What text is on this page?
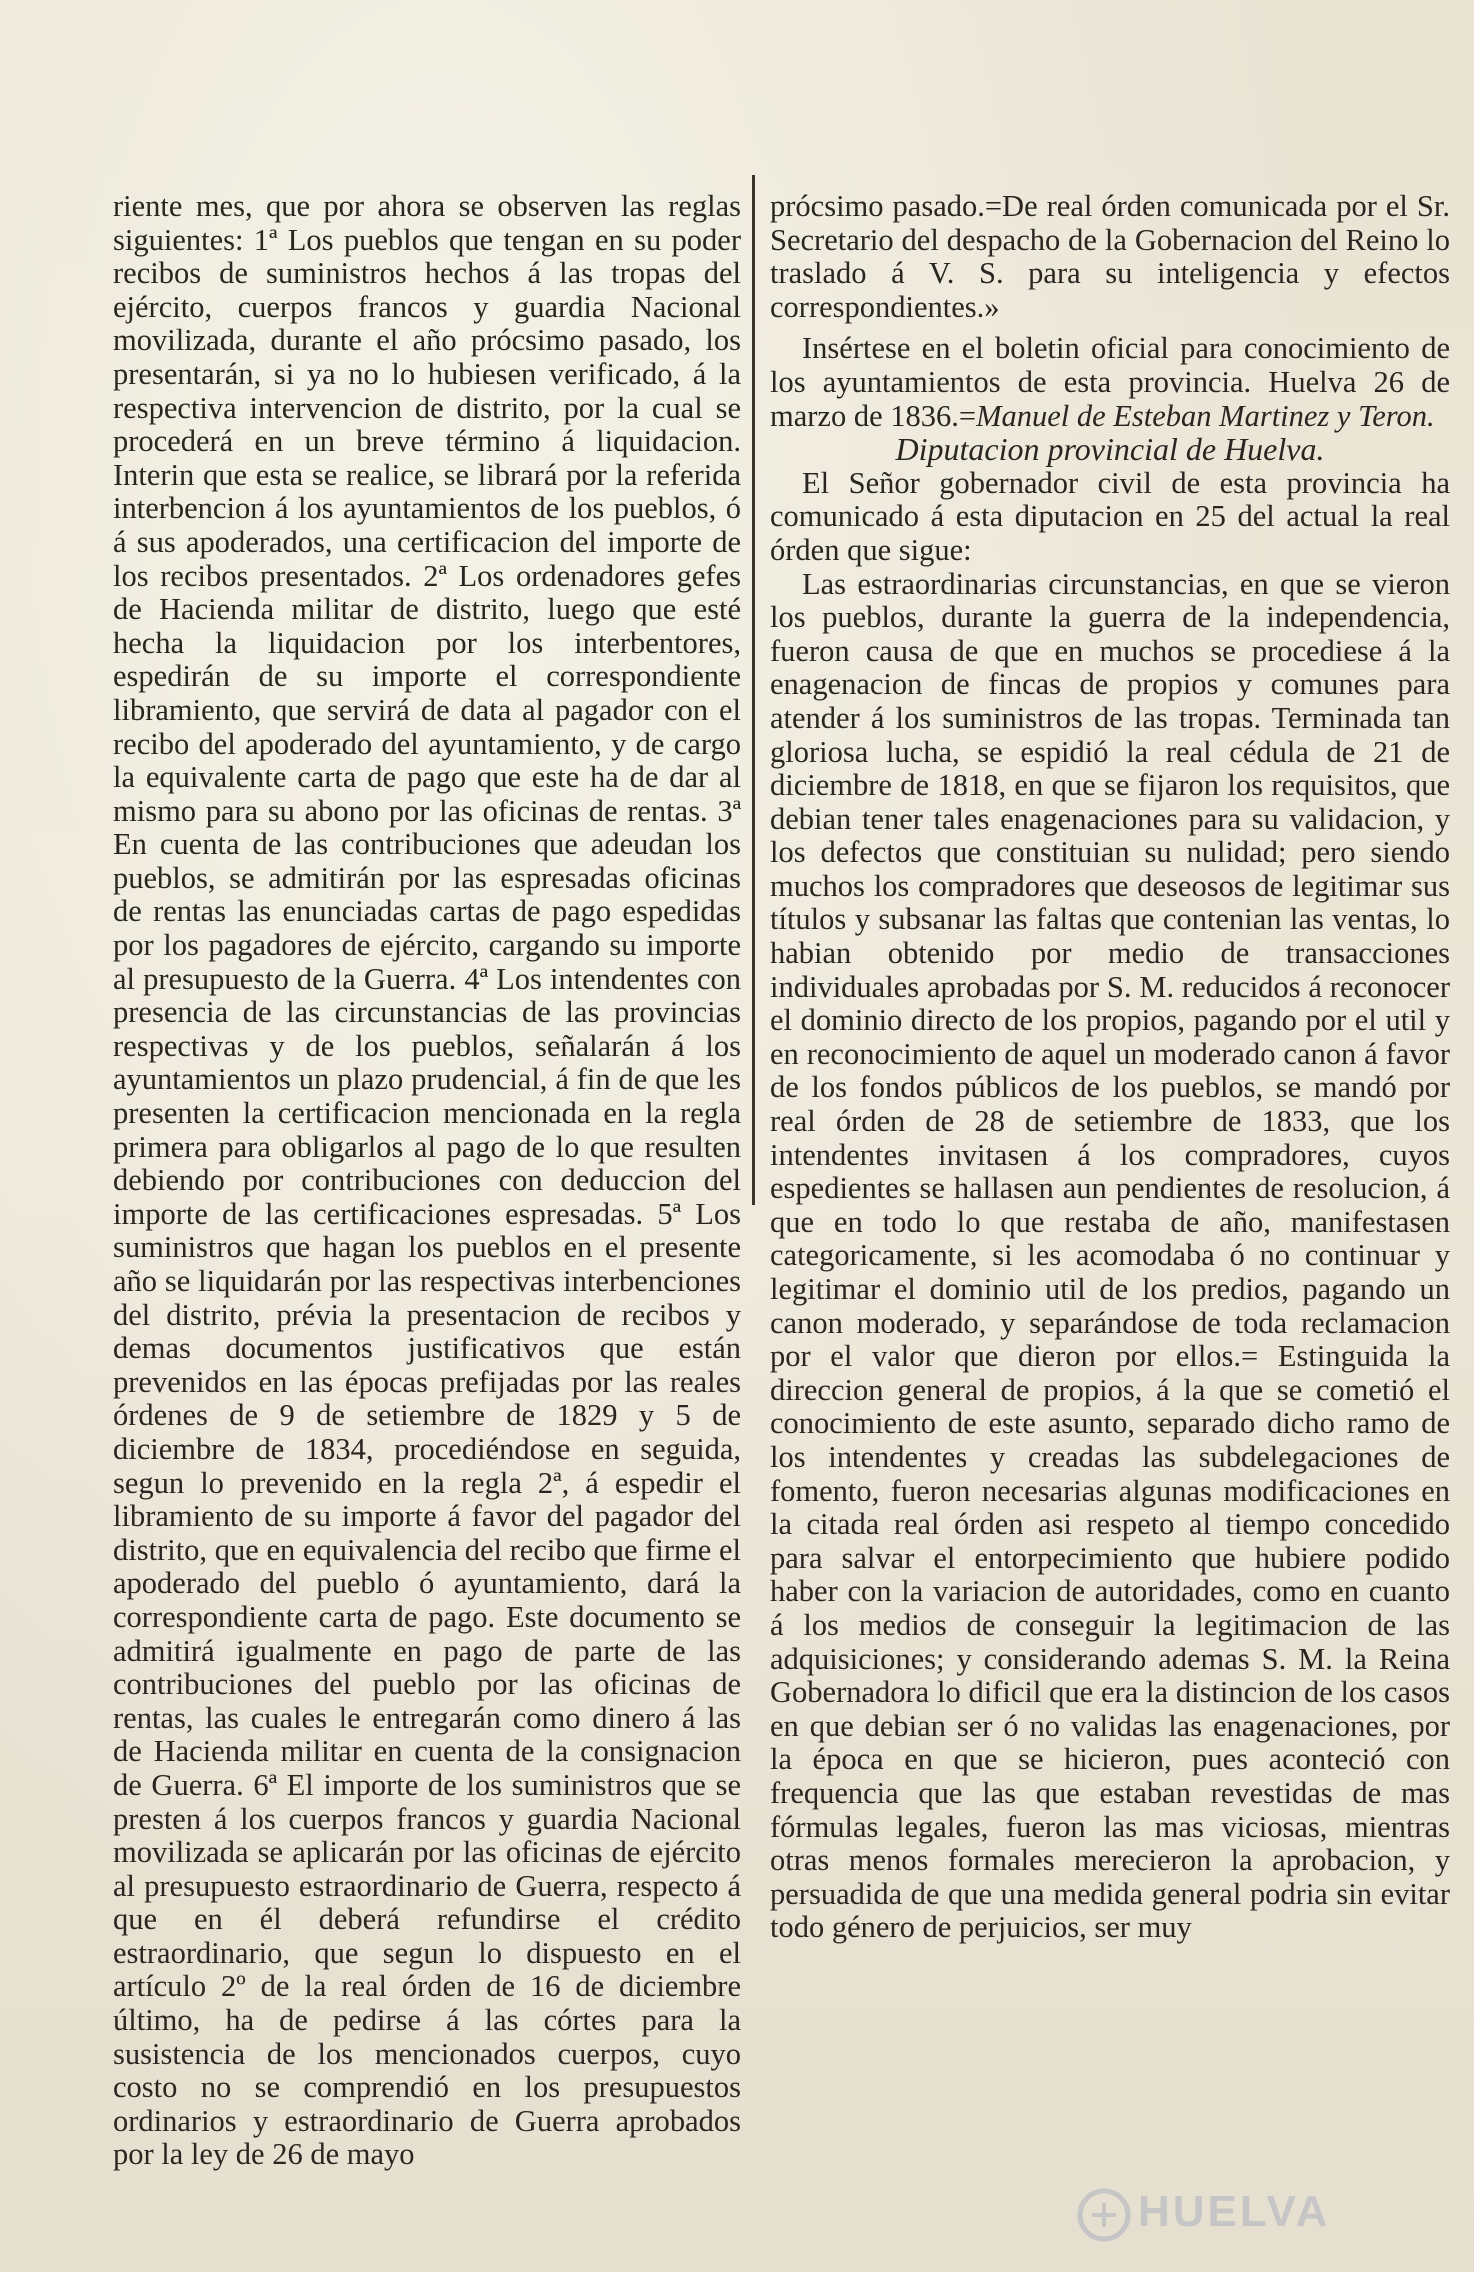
riente mes, que por ahora se observen las reglas siguientes: 1ª Los pueblos que tengan en su poder recibos de suministros hechos á las tropas del ejército, cuerpos francos y guardia Nacional movilizada, durante el año prócsimo pasado, los presentarán, si ya no lo hubiesen verificado, á la respectiva intervencion de distrito, por la cual se procederá en un breve término á liquidacion. Interin que esta se realice, se librará por la referida interbencion á los ayuntamientos de los pueblos, ó á sus apoderados, una certificacion del importe de los recibos presentados. 2ª Los ordenadores gefes de Hacienda militar de distrito, luego que esté hecha la liquidacion por los interbentores, espedirán de su importe el correspondiente libramiento, que servirá de data al pagador con el recibo del apoderado del ayuntamiento, y de cargo la equivalente carta de pago que este ha de dar al mismo para su abono por las oficinas de rentas. 3ª En cuenta de las contribuciones que adeudan los pueblos, se admitirán por las espresadas oficinas de rentas las enunciadas cartas de pago espedidas por los pagadores de ejército, cargando su importe al presupuesto de la Guerra. 4ª Los intendentes con presencia de las circunstancias de las provincias respectivas y de los pueblos, señalarán á los ayuntamientos un plazo prudencial, á fin de que les presenten la certificacion mencionada en la regla primera para obligarlos al pago de lo que resulten debiendo por contribuciones con deduccion del importe de las certificaciones espresadas. 5ª Los suministros que hagan los pueblos en el presente año se liquidarán por las respectivas interbenciones del distrito, prévia la presentacion de recibos y demas documentos justificativos que están prevenidos en las épocas prefijadas por las reales órdenes de 9 de setiembre de 1829 y 5 de diciembre de 1834, procediéndose en seguida, segun lo prevenido en la regla 2ª, á espedir el libramiento de su importe á favor del pagador del distrito, que en equivalencia del recibo que firme el apoderado del pueblo ó ayuntamiento, dará la correspondiente carta de pago. Este documento se admitirá igualmente en pago de parte de las contribuciones del pueblo por las oficinas de rentas, las cuales le entregarán como dinero á las de Hacienda militar en cuenta de la consignacion de Guerra. 6ª El importe de los suministros que se presten á los cuerpos francos y guardia Nacional movilizada se aplicarán por las oficinas de ejército al presupuesto estraordinario de Guerra, respecto á que en él deberá refundirse el crédito estraordinario, que segun lo dispuesto en el artículo 2º de la real órden de 16 de diciembre último, ha de pedirse á las córtes para la susistencia de los mencionados cuerpos, cuyo costo no se comprendió en los presupuestos ordinarios y estraordinario de Guerra aprobados por la ley de 26 de mayo

prócsimo pasado.=De real órden comunicada por el Sr. Secretario del despacho de la Gobernacion del Reino lo traslado á V. S. para su inteligencia y efectos correspondientes.»

Insértese en el boletin oficial para conocimiento de los ayuntamientos de esta provincia. Huelva 26 de marzo de 1836.=Manuel de Esteban Martinez y Teron.

Diputacion provincial de Huelva.

El Señor gobernador civil de esta provincia ha comunicado á esta diputacion en 25 del actual la real órden que sigue:

Las estraordinarias circunstancias, en que se vieron los pueblos, durante la guerra de la independencia, fueron causa de que en muchos se procediese á la enagenacion de fincas de propios y comunes para atender á los suministros de las tropas. Terminada tan gloriosa lucha, se espidió la real cédula de 21 de diciembre de 1818, en que se fijaron los requisitos, que debian tener tales enagenaciones para su validacion, y los defectos que constituian su nulidad; pero siendo muchos los compradores que deseosos de legitimar sus títulos y subsanar las faltas que contenian las ventas, lo habian obtenido por medio de transacciones individuales aprobadas por S. M. reducidos á reconocer el dominio directo de los propios, pagando por el util y en reconocimiento de aquel un moderado canon á favor de los fondos públicos de los pueblos, se mandó por real órden de 28 de setiembre de 1833, que los intendentes invitasen á los compradores, cuyos espedientes se hallasen aun pendientes de resolucion, á que en todo lo que restaba de año, manifestasen categoricamente, si les acomodaba ó no continuar y legitimar el dominio util de los predios, pagando un canon moderado, y separándose de toda reclamacion por el valor que dieron por ellos.= Estinguida la direccion general de propios, á la que se cometió el conocimiento de este asunto, separado dicho ramo de los intendentes y creadas las subdelegaciones de fomento, fueron necesarias algunas modificaciones en la citada real órden asi respeto al tiempo concedido para salvar el entorpecimiento que hubiere podido haber con la variacion de autoridades, como en cuanto á los medios de conseguir la legitimacion de las adquisiciones; y considerando ademas S. M. la Reina Gobernadora lo dificil que era la distincion de los casos en que debian ser ó no validas las enagenaciones, por la época en que se hicieron, pues aconteció con frequencia que las que estaban revestidas de mas fórmulas legales, fueron las mas viciosas, mientras otras menos formales merecieron la aprobacion, y persuadida de que una medida general podria sin evitar todo género de perjuicios, ser muy

HUELVA
